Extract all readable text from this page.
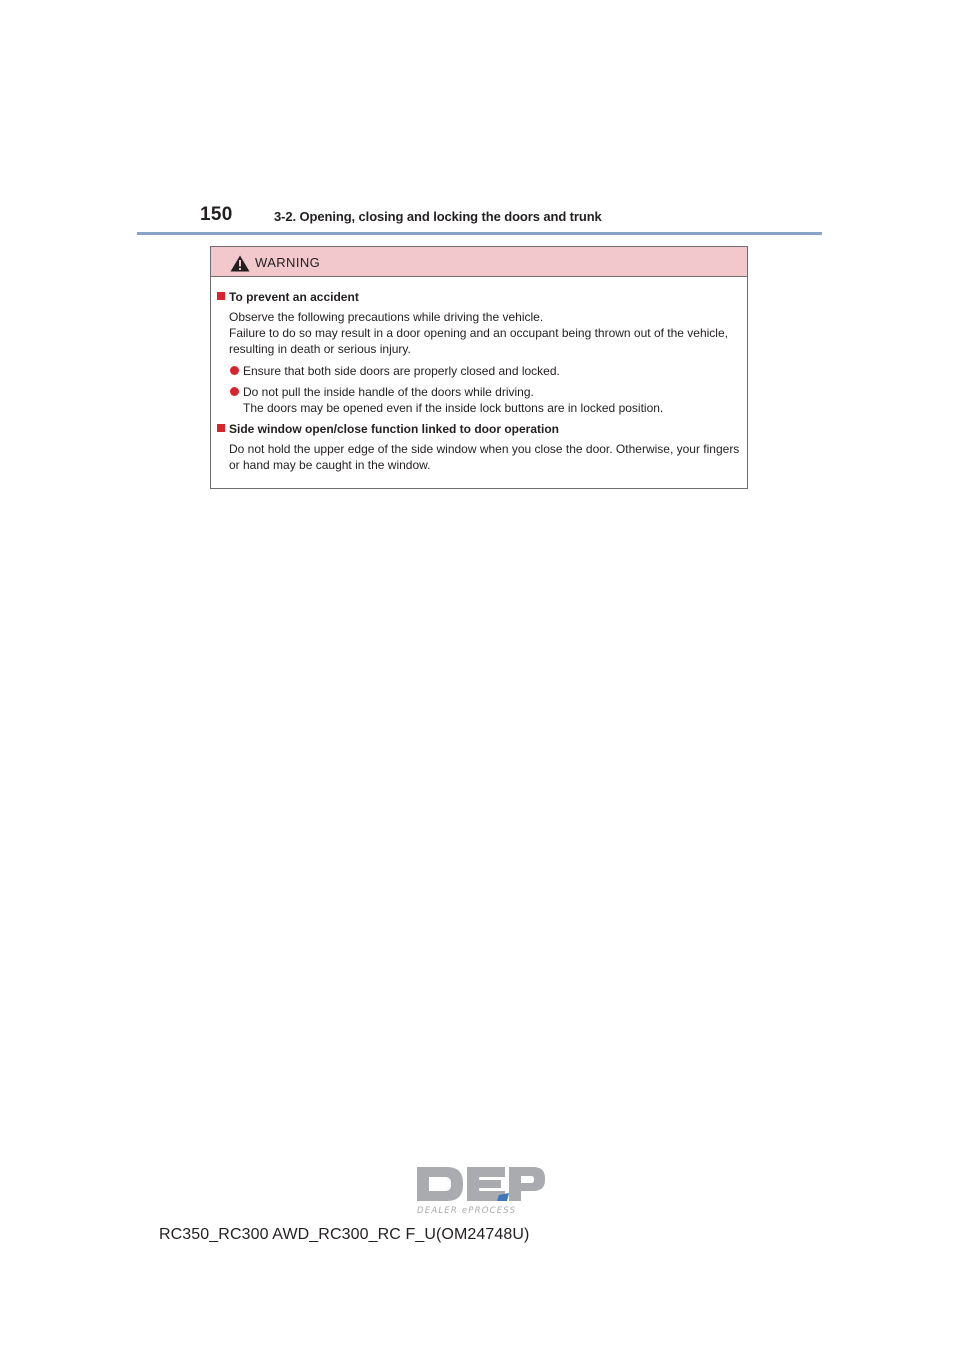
150	3-2. Opening, closing and locking the doors and trunk
WARNING
To prevent an accident
Observe the following precautions while driving the vehicle.
Failure to do so may result in a door opening and an occupant being thrown out of the vehicle, resulting in death or serious injury.
Ensure that both side doors are properly closed and locked.
Do not pull the inside handle of the doors while driving.
The doors may be opened even if the inside lock buttons are in locked position.
Side window open/close function linked to door operation
Do not hold the upper edge of the side window when you close the door. Otherwise, your fingers or hand may be caught in the window.
DEALER ePROCESS
RC350_RC300 AWD_RC300_RC F_U(OM24748U)
